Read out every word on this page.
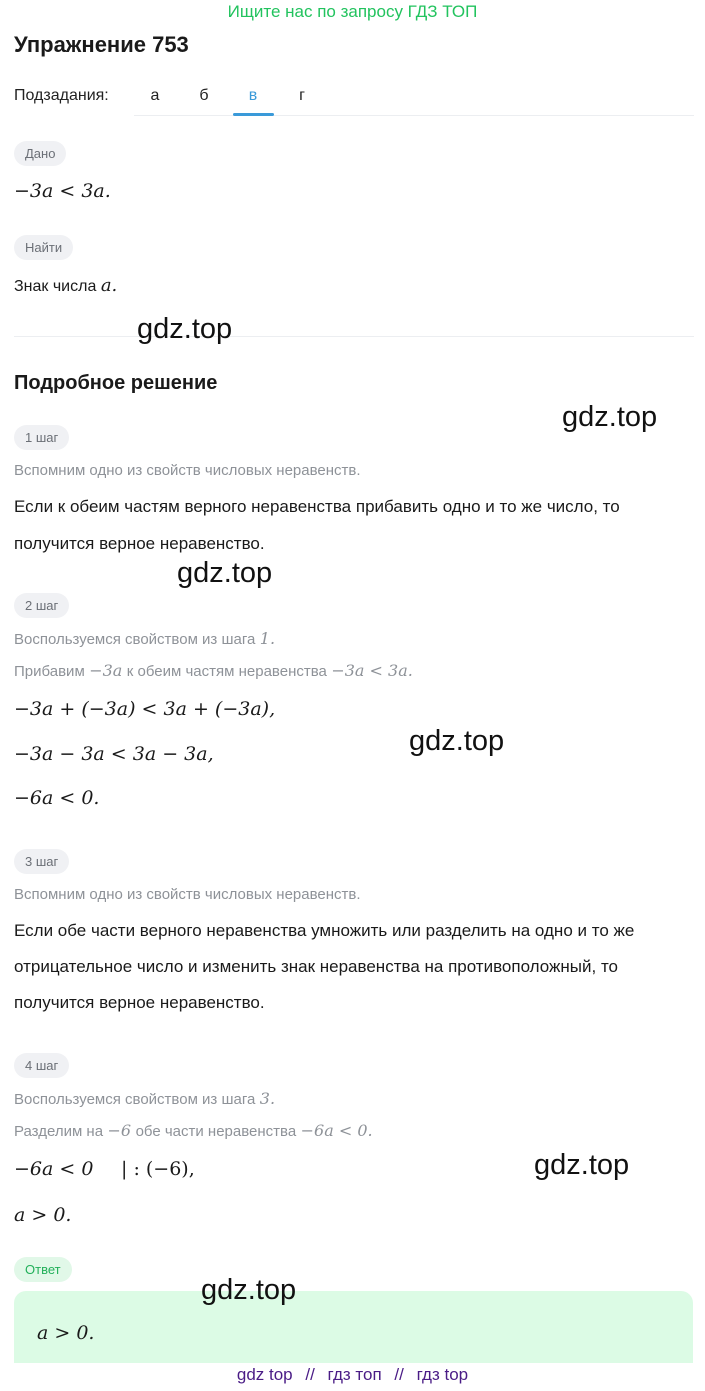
Ищите нас по запросу ГДЗ ТОП
Упражнение 753
Подзадания:	а	б	в	г
Дано
−3a < 3a.
Найти
Знак числа a.
gdz.top
gdz.top
gdz.top
gdz.top
gdz.top
Подробное решение
1 шаг
Вспомним одно из свойств числовых неравенств.
Если к обеим частям верного неравенства прибавить одно и то же число, то
получится верное неравенство.
2 шаг
Воспользуемся свойством из шага 1.
Прибавим −3a к обеим частям неравенства −3a < 3a.
−3a + (−3a) < 3a + (−3a),
−3a − 3a < 3a − 3a,
−6a < 0.
3 шаг
Вспомним одно из свойств числовых неравенств.
Если обе части верного неравенства умножить или разделить на одно и то же
отрицательное число и изменить знак неравенства на противоположный, то
получится верное неравенство.
4 шаг
Воспользуемся свойством из шага 3.
Разделим на −6 обе части неравенства −6a < 0.
−6a < 0 | : (−6),
a > 0.
Ответ
a > 0.
gdz.top
gdz top // гдз топ // гдз top
